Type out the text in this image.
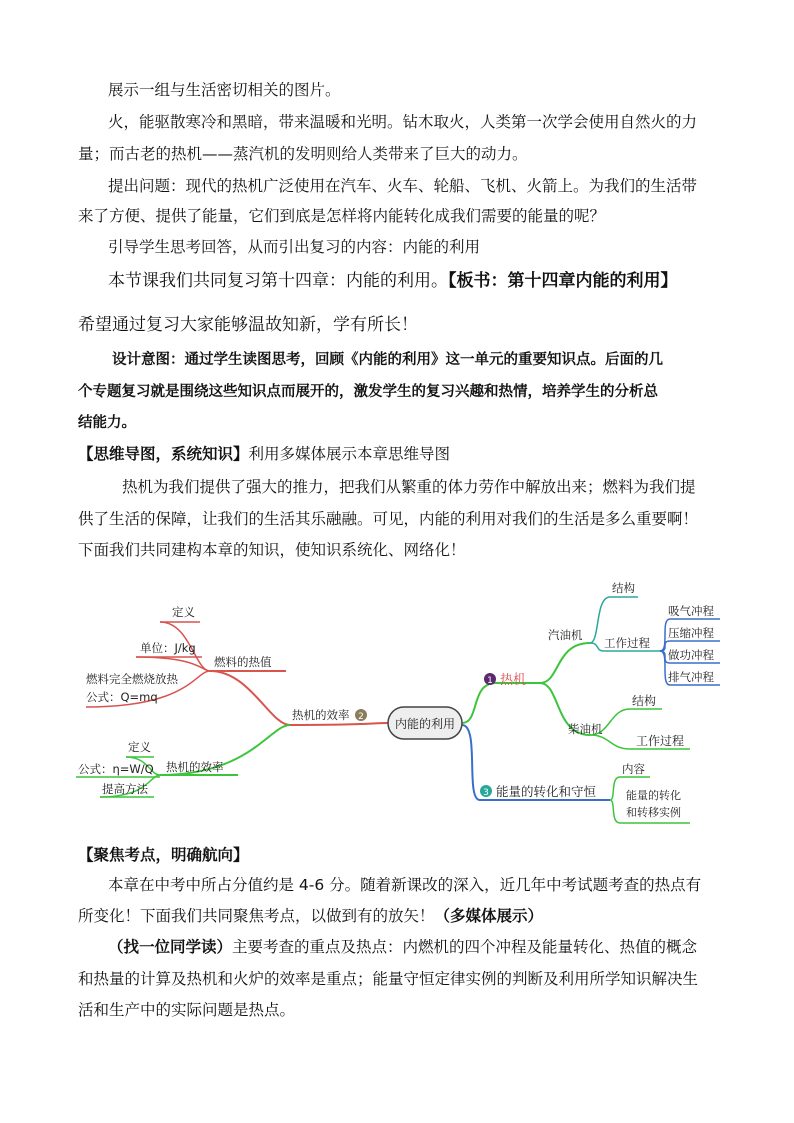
展示一组与生活密切相关的图片。
火，能驱散寒冷和黑暗，带来温暖和光明。钻木取火，人类第一次学会使用自然火的力
量；而古老的热机——蒸汽机的发明则给人类带来了巨大的动力。
提出问题：现代的热机广泛使用在汽车、火车、轮船、飞机、火箭上。为我们的生活带
来了方便、提供了能量，它们到底是怎样将内能转化成我们需要的能量的呢？
引导学生思考回答，从而引出复习的内容：内能的利用
本节课我们共同复习第十四章：内能的利用。【板书：第十四章内能的利用】
希望通过复习大家能够温故知新，学有所长！
设计意图：通过学生读图思考，回顾《内能的利用》这一单元的重要知识点。后面的几
个专题复习就是围绕这些知识点而展开的，激发学生的复习兴趣和热情，培养学生的分析总
结能力。
【思维导图，系统知识】利用多媒体展示本章思维导图
热机为我们提供了强大的推力，把我们从繁重的体力劳作中解放出来；燃料为我们提
供了生活的保障，让我们的生活其乐融融。可见，内能的利用对我们的生活是多么重要啊！
下面我们共同建构本章的知识，使知识系统化、网络化！
内能的利用
热机的效率 2
燃料的热值
定义
单位：J/kg
燃料完全燃烧放热
公式：Q=mq
热机的效率
定义
公式：η=W/Q
提高方法
1 热机
汽油机
结构
工作过程
吸气冲程
压缩冲程
做功冲程
排气冲程
柴油机
结构
工作过程
3 能量的转化和守恒
内容
能量的转化
和转移实例
【聚焦考点，明确航向】
本章在中考中所占分值约是 4-6 分。随着新课改的深入，近几年中考试题考查的热点有
所变化！下面我们共同聚焦考点，以做到有的放矢！（多媒体展示）
（找一位同学读）主要考查的重点及热点：内燃机的四个冲程及能量转化、热值的概念
和热量的计算及热机和火炉的效率是重点；能量守恒定律实例的判断及利用所学知识解决生
活和生产中的实际问题是热点。
